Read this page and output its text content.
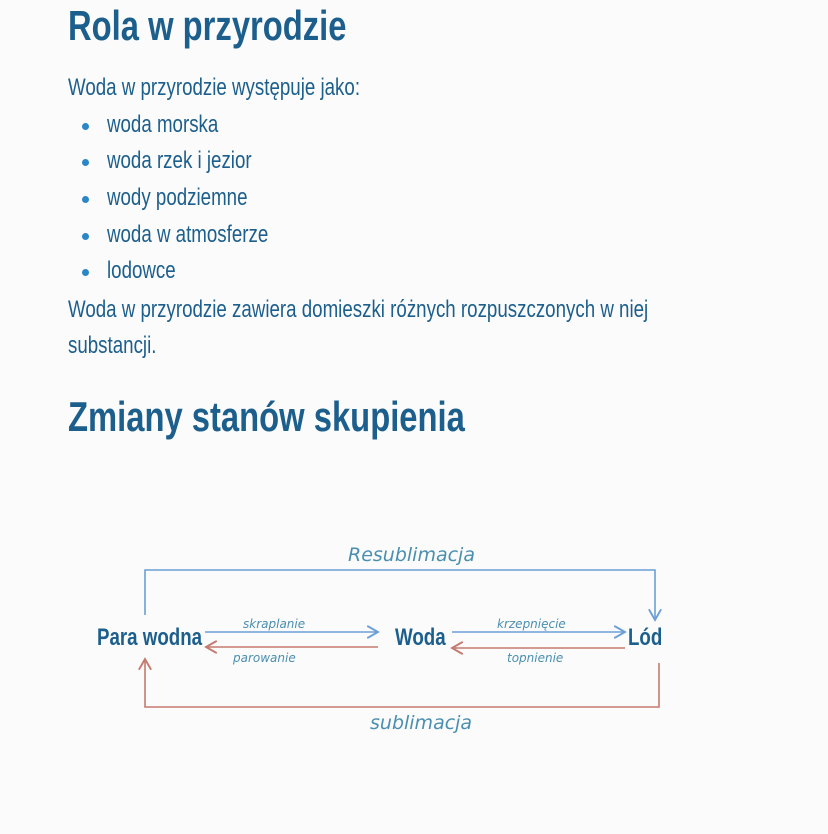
Rola w przyrodzie
Woda w przyrodzie występuje jako:
woda morska
woda rzek i jezior
wody podziemne
woda w atmosferze
lodowce
Woda w przyrodzie zawiera domieszki różnych rozpuszczonych w niej
substancji.
Zmiany stanów skupienia
Para wodna	Woda	Lód
Resublimacja
skraplanie
parowanie
krzepnięcie
topnienie
sublimacja
